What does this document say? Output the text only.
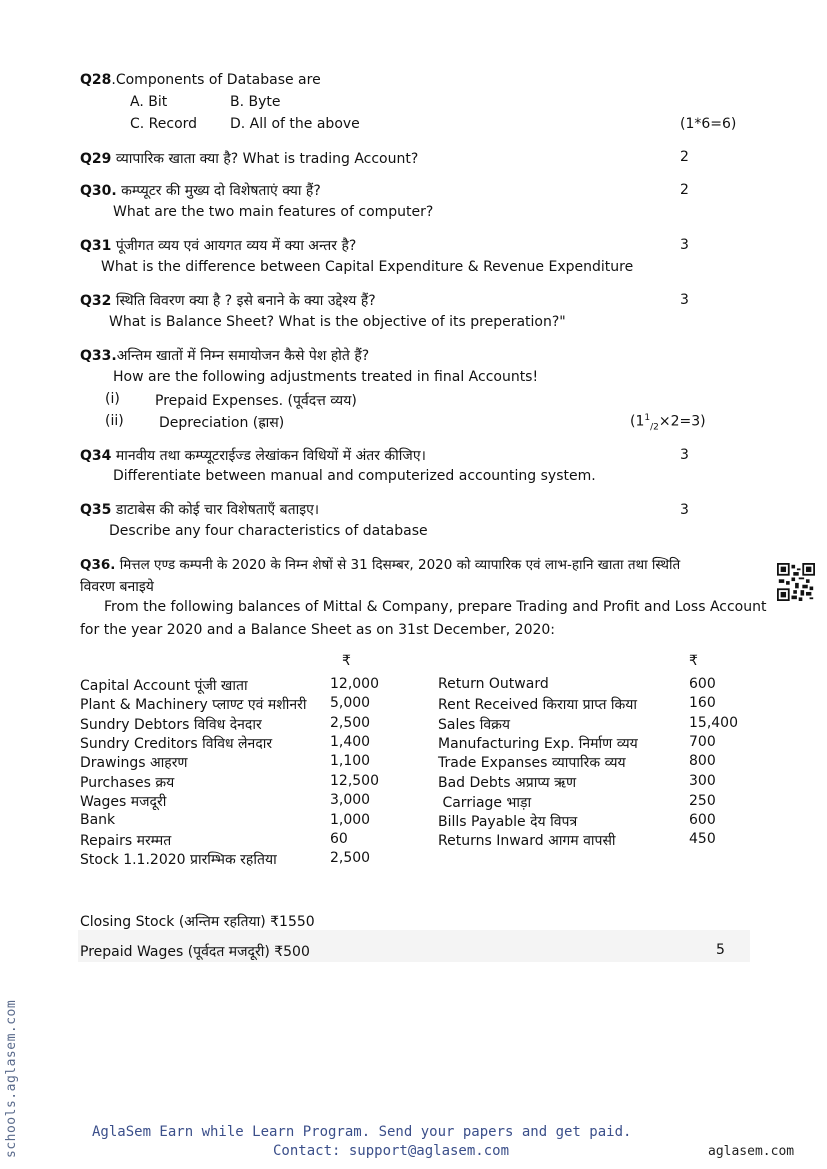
Q28.Components of Database are
A. Bit	B. Byte
C. Record D. All of the above	(1*6=6)
Q29 व्यापारिक खाता क्या है? What is trading Account?	2
Q30. कम्प्यूटर की मुख्य दो विशेषताएं क्या हैं?	2
What are the two main features of computer?
Q31 पूंजीगत व्यय एवं आयगत व्यय में क्या अन्तर है?	3
What is the difference between Capital Expenditure & Revenue Expenditure
Q32 स्थिति विवरण क्या है ? इसे बनाने के क्या उद्देश्य हैं?	3
What is Balance Sheet? What is the objective of its preperation?"
Q33.अन्तिम खातों में निम्न समायोजन कैसे पेश होते हैं?
How are the following adjustments treated in final Accounts!
(i)	Prepaid Expenses. (पूर्वदत्त व्यय)
(ii)	Depreciation (ह्रास)	$(1^1_{/2}\times 2=3)$
Q34 मानवीय तथा कम्प्यूटराईज्ड लेखांकन विधियों में अंतर कीजिए।	3
Differentiate between manual and computerized accounting system.
Q35 डाटाबेस की कोई चार विशेषताएँ बताइए।	3
Describe any four characteristics of database
Q36. मित्तल एण्ड कम्पनी के 2020 के निम्न शेषों से 31 दिसम्बर, 2020 को व्यापारिक एवं लाभ-हानि खाता तथा स्थिति
विवरण बनाइये
From the following balances of Mittal & Company, prepare Trading and Profit and Loss Account
for the year 2020 and a Balance Sheet as on 31st December, 2020:
₹	₹
Capital Account पूंजी खाता	12,000
Plant & Machinery प्लाण्ट एवं मशीनरी 5,000
Sundry Debtors विविध देनदार	2,500
Sundry Creditors विविध लेनदार	1,400
Drawings आहरण	1,100
Purchases क्रय	12,500
Wages मजदूरी	3,000
Bank	1,000
Repairs मरम्मत	60
Stock 1.1.2020 प्रारम्भिक रहतिया	2,500
Return Outward	600
Rent Received किराया प्राप्त किया	160
Sales विक्रय	15,400
Manufacturing Exp. निर्माण व्यय	700
Trade Expanses व्यापारिक व्यय	800
Bad Debts अप्राप्य ऋण	300
Carriage भाड़ा	250
Bills Payable देय विपत्र	600
Returns Inward आगम वापसी	450
Closing Stock (अन्तिम रहतिया) ₹1550
Prepaid Wages (पूर्वदत मजदूरी) ₹500	5
schools.aglasem.com	AglaSem Earn while Learn Program. Send your papers and get paid.
Contact: support@aglasem.com	aglasem.com
